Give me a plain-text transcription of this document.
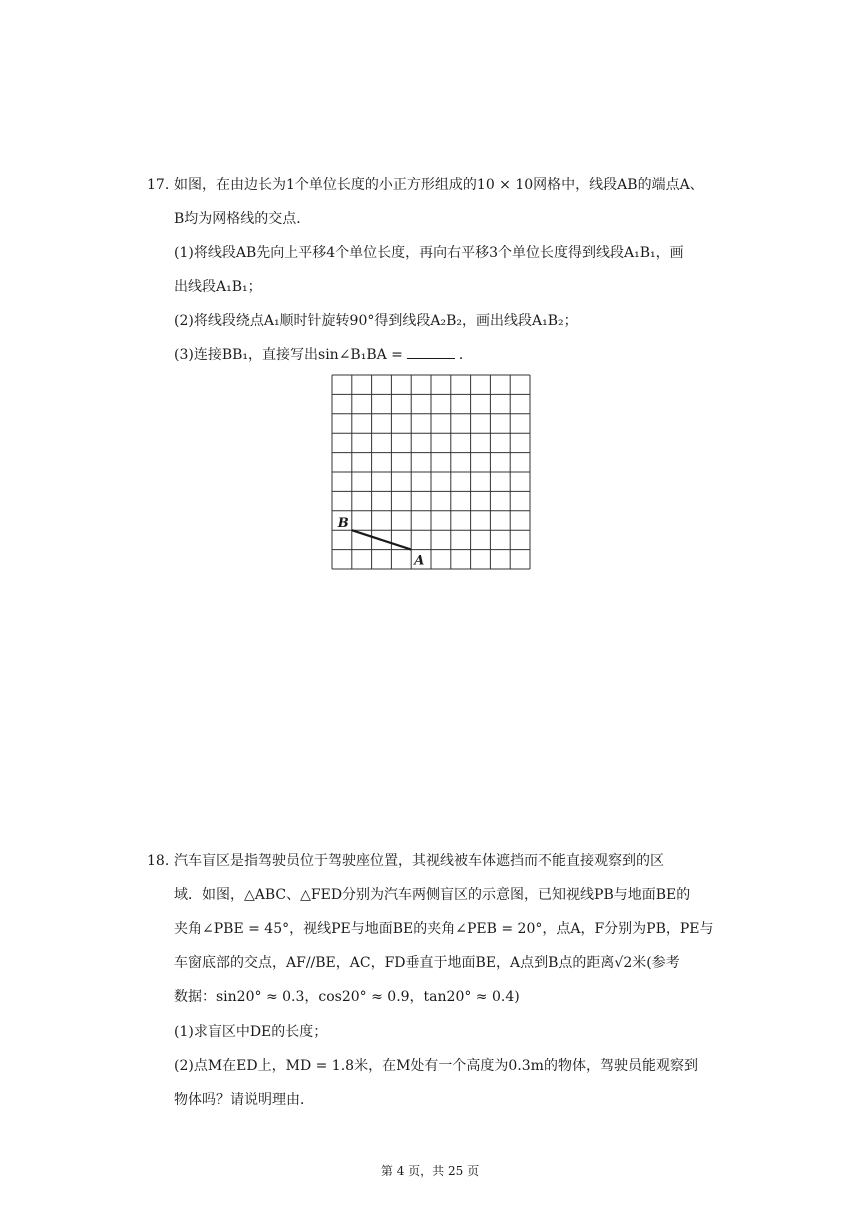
17. 如图，在由边长为1个单位长度的小正方形组成的10 × 10网格中，线段AB的端点A、
B均为网格线的交点．
(1)将线段AB先向上平移4个单位长度，再向右平移3个单位长度得到线段A₁B₁，画
出线段A₁B₁；
(2)将线段绕点A₁顺时针旋转90°得到线段A₂B₂，画出线段A₁B₂；
(3)连接BB₁，直接写出sin∠B₁BA =	．
B
A
18. 汽车盲区是指驾驶员位于驾驶座位置，其视线被车体遮挡而不能直接观察到的区
域．如图，△ABC、△FED分别为汽车两侧盲区的示意图，已知视线PB与地面BE的
夹角∠PBE = 45°，视线PE与地面BE的夹角∠PEB = 20°，点A，F分别为PB，PE与
车窗底部的交点，AF//BE，AC，FD垂直于地面BE，A点到B点的距离√2米(参考
数据：sin20° ≈ 0.3，cos20° ≈ 0.9，tan20° ≈ 0.4)
(1)求盲区中DE的长度；
(2)点M在ED上，MD = 1.8米，在M处有一个高度为0.3m的物体，驾驶员能观察到
物体吗？请说明理由．
第 4 页，共 25 页
